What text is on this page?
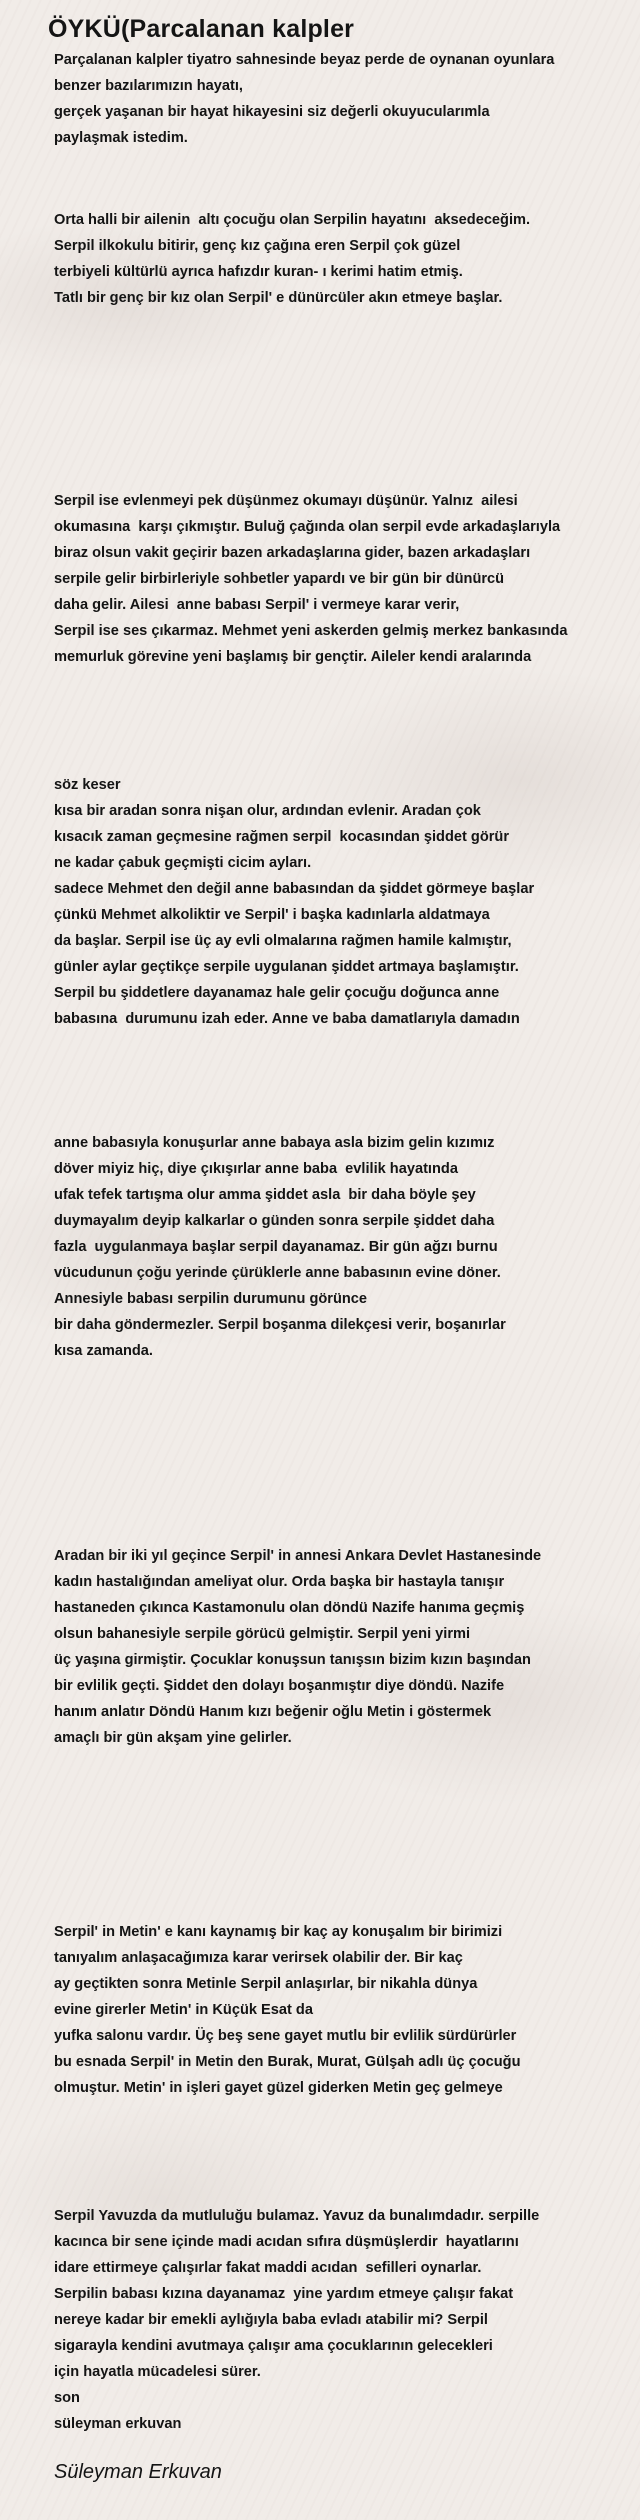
ÖYKÜ(Parcalanan kalpler
Parçalanan kalpler tiyatro sahnesinde beyaz perde de oynanan oyunlara
benzer bazılarımızın hayatı,
gerçek yaşanan bir hayat hikayesini siz değerli okuyucularımla
paylaşmak istedim.
Orta halli bir ailenin  altı çocuğu olan Serpilin hayatını  aksedeceğim.
Serpil ilkokulu bitirir, genç kız çağına eren Serpil çok güzel
terbiyeli kültürlü ayrıca hafızdır kuran- ı kerimi hatim etmiş.
Tatlı bir genç bir kız olan Serpil' e dünürcüler akın etmeye başlar.
Serpil ise evlenmeyi pek düşünmez okumayı düşünür. Yalnız  ailesi
okumasına  karşı çıkmıştır. Buluğ çağında olan serpil evde arkadaşlarıyla
biraz olsun vakit geçirir bazen arkadaşlarına gider, bazen arkadaşları
serpile gelir birbirleriyle sohbetler yapardı ve bir gün bir dünürcü
daha gelir. Ailesi  anne babası Serpil' i vermeye karar verir,
Serpil ise ses çıkarmaz. Mehmet yeni askerden gelmiş merkez bankasında
memurluk görevine yeni başlamış bir gençtir. Aileler kendi aralarında
söz keser
kısa bir aradan sonra nişan olur, ardından evlenir. Aradan çok
kısacık zaman geçmesine rağmen serpil  kocasından şiddet görür
ne kadar çabuk geçmişti cicim ayları.
sadece Mehmet den değil anne babasından da şiddet görmeye başlar
çünkü Mehmet alkoliktir ve Serpil' i başka kadınlarla aldatmaya
da başlar. Serpil ise üç ay evli olmalarına rağmen hamile kalmıştır,
günler aylar geçtikçe serpile uygulanan şiddet artmaya başlamıştır.
Serpil bu şiddetlere dayanamaz hale gelir çocuğu doğunca anne
babasına  durumunu izah eder. Anne ve baba damatlarıyla damadın
anne babasıyla konuşurlar anne babaya asla bizim gelin kızımız
döver miyiz hiç, diye çıkışırlar anne baba  evlilik hayatında
ufak tefek tartışma olur amma şiddet asla  bir daha böyle şey
duymayalım deyip kalkarlar o günden sonra serpile şiddet daha
fazla  uygulanmaya başlar serpil dayanamaz. Bir gün ağzı burnu
vücudunun çoğu yerinde çürüklerle anne babasının evine döner.
Annesiyle babası serpilin durumunu görünce
bir daha göndermezler. Serpil boşanma dilekçesi verir, boşanırlar
kısa zamanda.
Aradan bir iki yıl geçince Serpil' in annesi Ankara Devlet Hastanesinde
kadın hastalığından ameliyat olur. Orda başka bir hastayla tanışır
hastaneden çıkınca Kastamonulu olan döndü Nazife hanıma geçmiş
olsun bahanesiyle serpile görücü gelmiştir. Serpil yeni yirmi
üç yaşına girmiştir. Çocuklar konuşsun tanışsın bizim kızın başından
bir evlilik geçti. Şiddet den dolayı boşanmıştır diye döndü. Nazife
hanım anlatır Döndü Hanım kızı beğenir oğlu Metin i göstermek
amaçlı bir gün akşam yine gelirler.
Serpil' in Metin' e kanı kaynamış bir kaç ay konuşalım bir birimizi
tanıyalım anlaşacağımıza karar verirsek olabilir der. Bir kaç
ay geçtikten sonra Metinle Serpil anlaşırlar, bir nikahla dünya
evine girerler Metin' in Küçük Esat da
yufka salonu vardır. Üç beş sene gayet mutlu bir evlilik sürdürürler
bu esnada Serpil' in Metin den Burak, Murat, Gülşah adlı üç çocuğu
olmuştur. Metin' in işleri gayet güzel giderken Metin geç gelmeye
Serpil Yavuzda da mutluluğu bulamaz. Yavuz da bunalımdadır. serpille
kacınca bir sene içinde madi acıdan sıfıra düşmüşlerdir  hayatlarını
idare ettirmeye çalışırlar fakat maddi acıdan  sefilleri oynarlar.
Serpilin babası kızına dayanamaz  yine yardım etmeye çalışır fakat
nereye kadar bir emekli aylığıyla baba evladı atabilir mi? Serpil
sigarayla kendini avutmaya çalışır ama çocuklarının gelecekleri
için hayatla mücadelesi sürer.
son
süleyman erkuvan

Süleyman Erkuvan
